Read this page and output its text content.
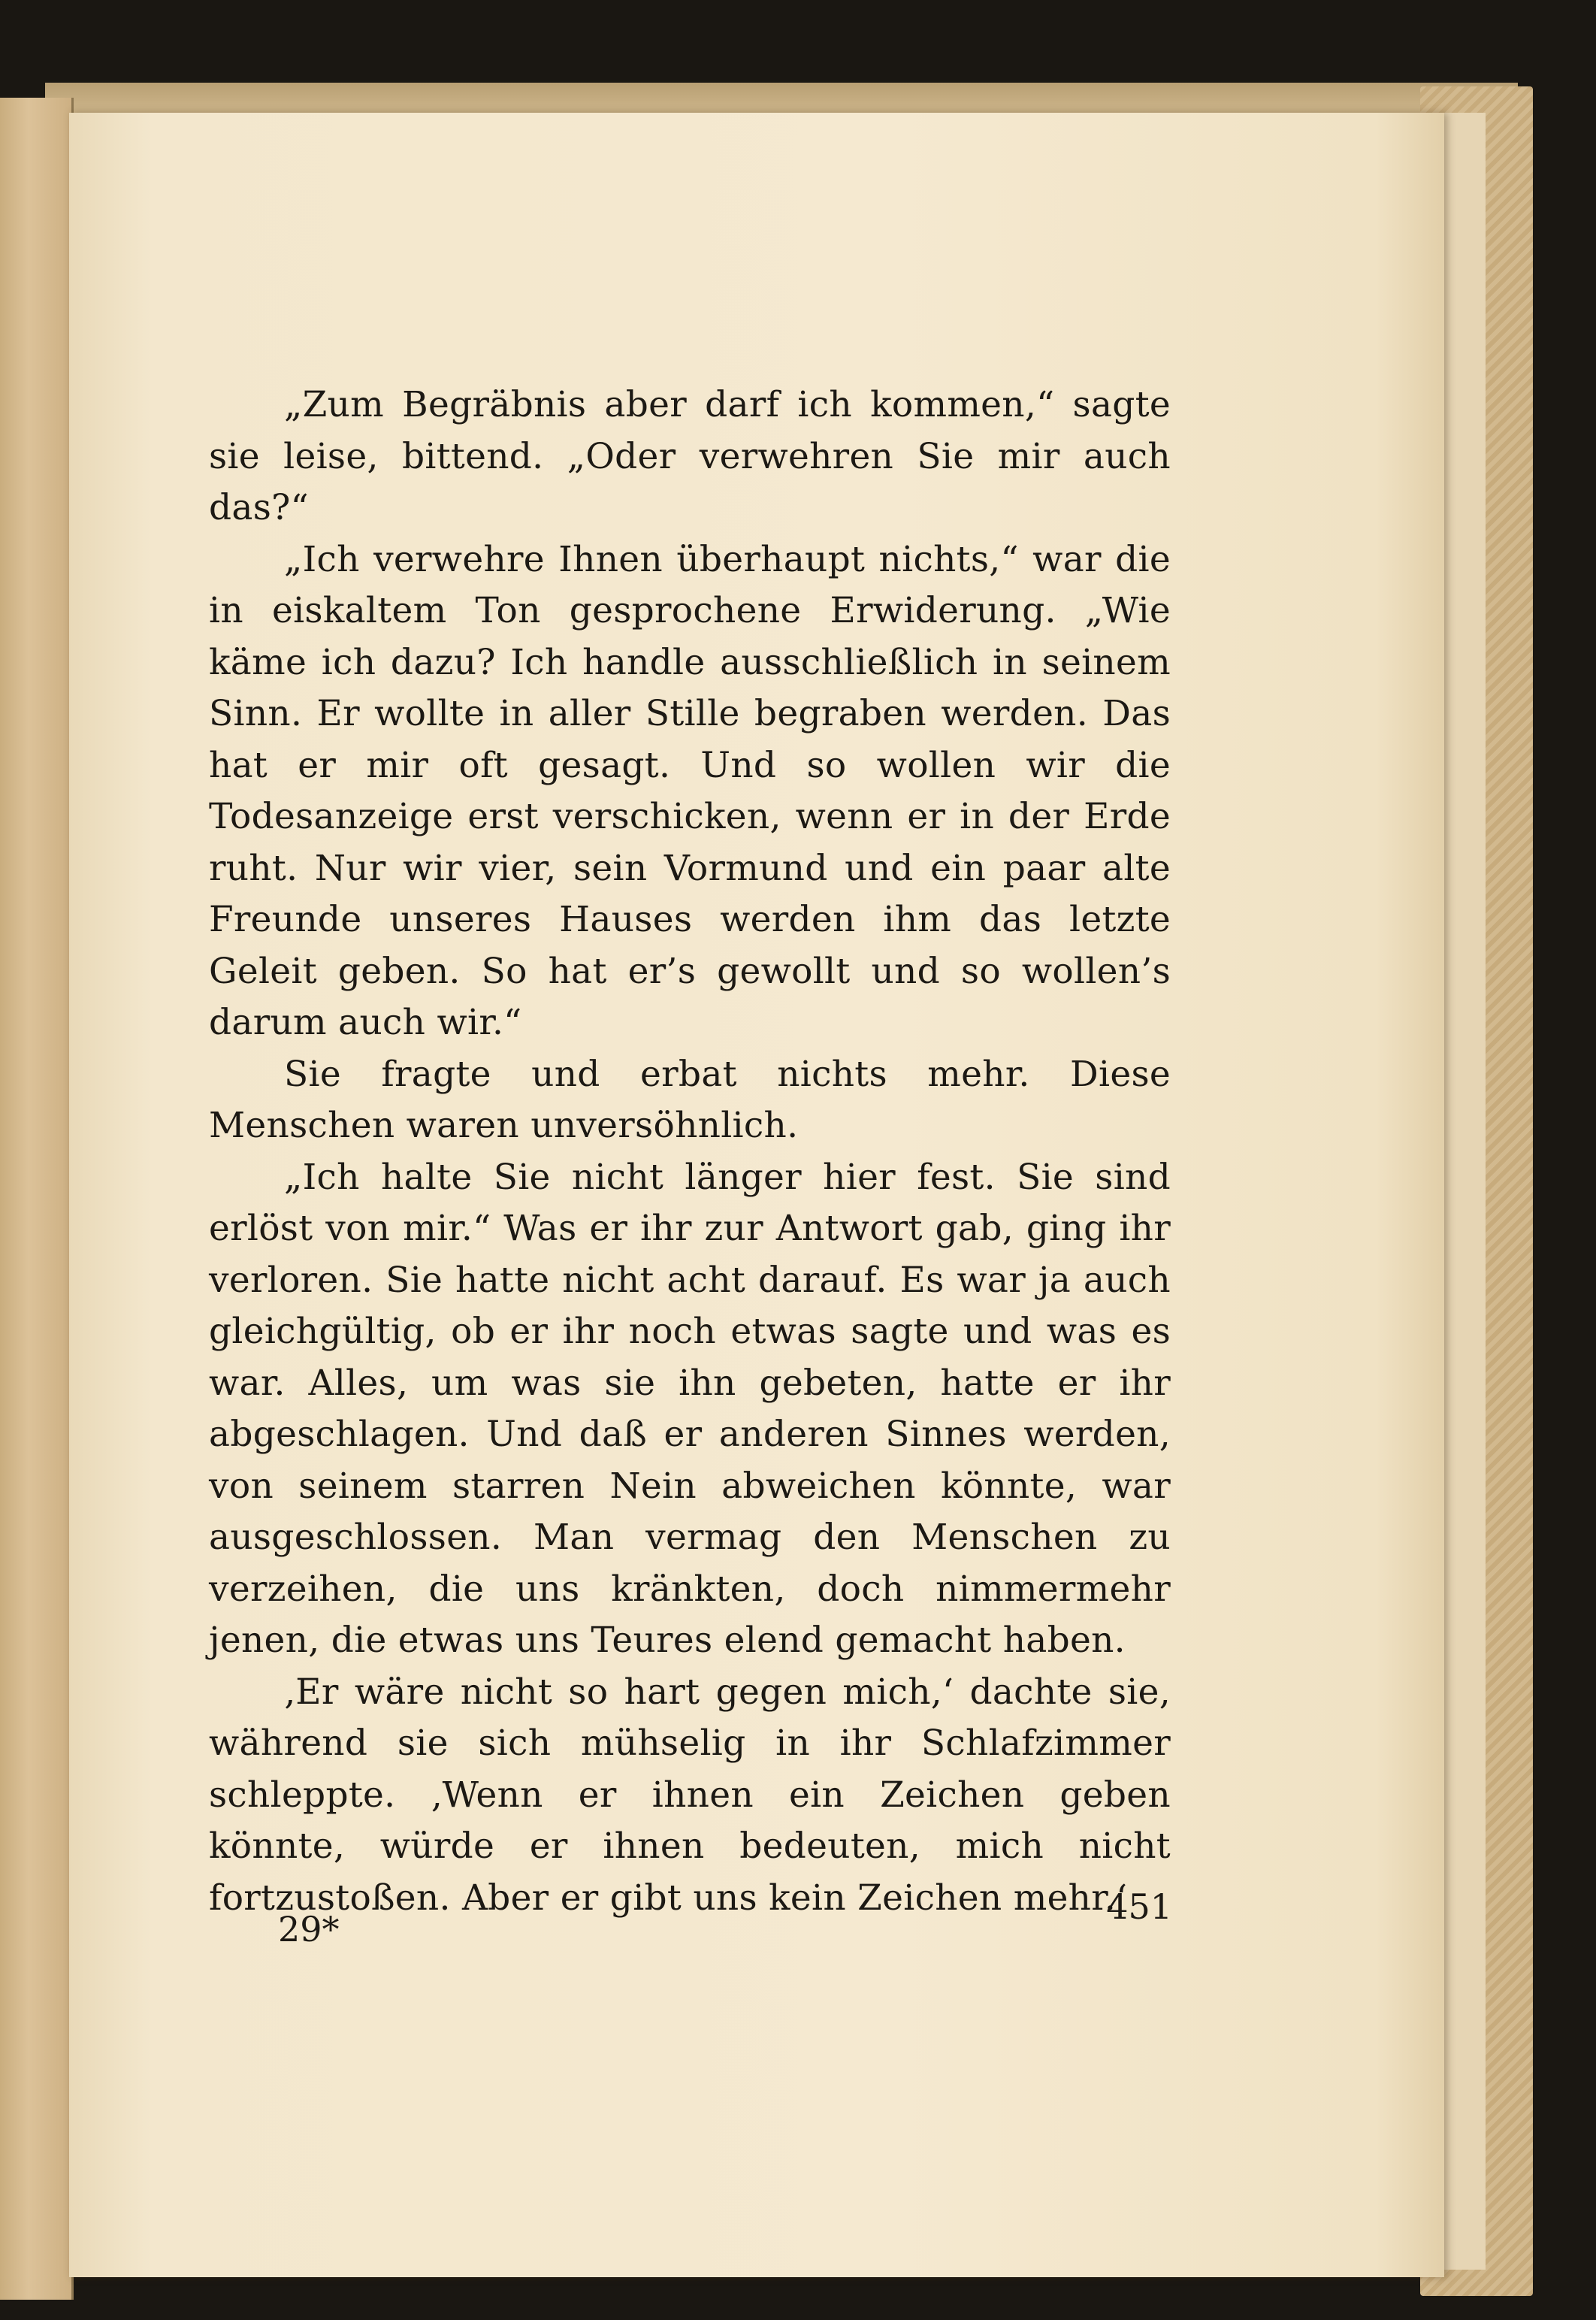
„Zum Begräbnis aber darf ich kommen,“ sagte sie leise, bittend. „Oder verwehren Sie mir auch das?“

„Ich verwehre Ihnen überhaupt nichts,“ war die in eiskaltem Ton gesprochene Erwiderung. „Wie käme ich dazu? Ich handle ausschließlich in seinem Sinn. Er wollte in aller Stille begraben werden. Das hat er mir oft gesagt. Und so wollen wir die Todesanzeige erst verschicken, wenn er in der Erde ruht. Nur wir vier, sein Vormund und ein paar alte Freunde unseres Hauses werden ihm das letzte Geleit geben. So hat er’s gewollt und so wollen’s darum auch wir.“

Sie fragte und erbat nichts mehr. Diese Menschen waren unversöhnlich.

„Ich halte Sie nicht länger hier fest. Sie sind erlöst von mir.“ Was er ihr zur Antwort gab, ging ihr verloren. Sie hatte nicht acht darauf. Es war ja auch gleichgültig, ob er ihr noch etwas sagte und was es war. Alles, um was sie ihn gebeten, hatte er ihr abgeschlagen. Und daß er anderen Sinnes werden, von seinem starren Nein abweichen könnte, war ausgeschlossen. Man vermag den Menschen zu verzeihen, die uns kränkten, doch nimmermehr jenen, die etwas uns Teures elend gemacht haben.

‚Er wäre nicht so hart gegen mich,‘ dachte sie, während sie sich mühselig in ihr Schlafzimmer schleppte. ‚Wenn er ihnen ein Zeichen geben könnte, würde er ihnen bedeuten, mich nicht fortzustoßen. Aber er gibt uns kein Zeichen mehr.‘

29*
451
